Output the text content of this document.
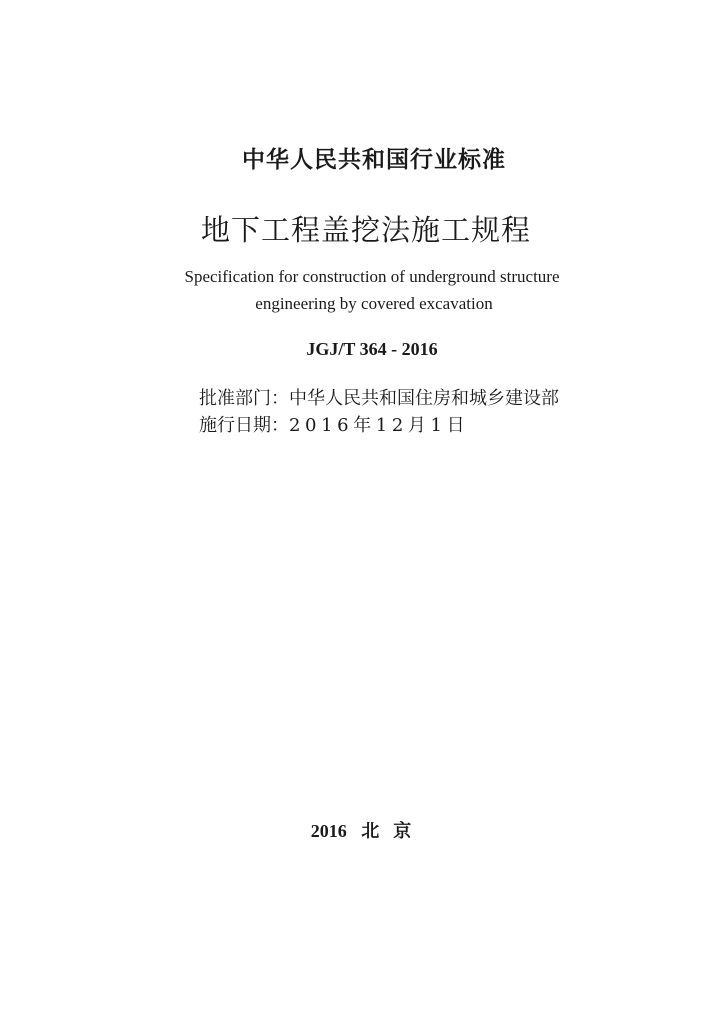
中华人民共和国行业标准
地下工程盖挖法施工规程
Specification for construction of underground structure
engineering by covered excavation
JGJ/T 364 - 2016
批准部门：中华人民共和国住房和城乡建设部
施行日期：2016年12月1日
2016 北京
